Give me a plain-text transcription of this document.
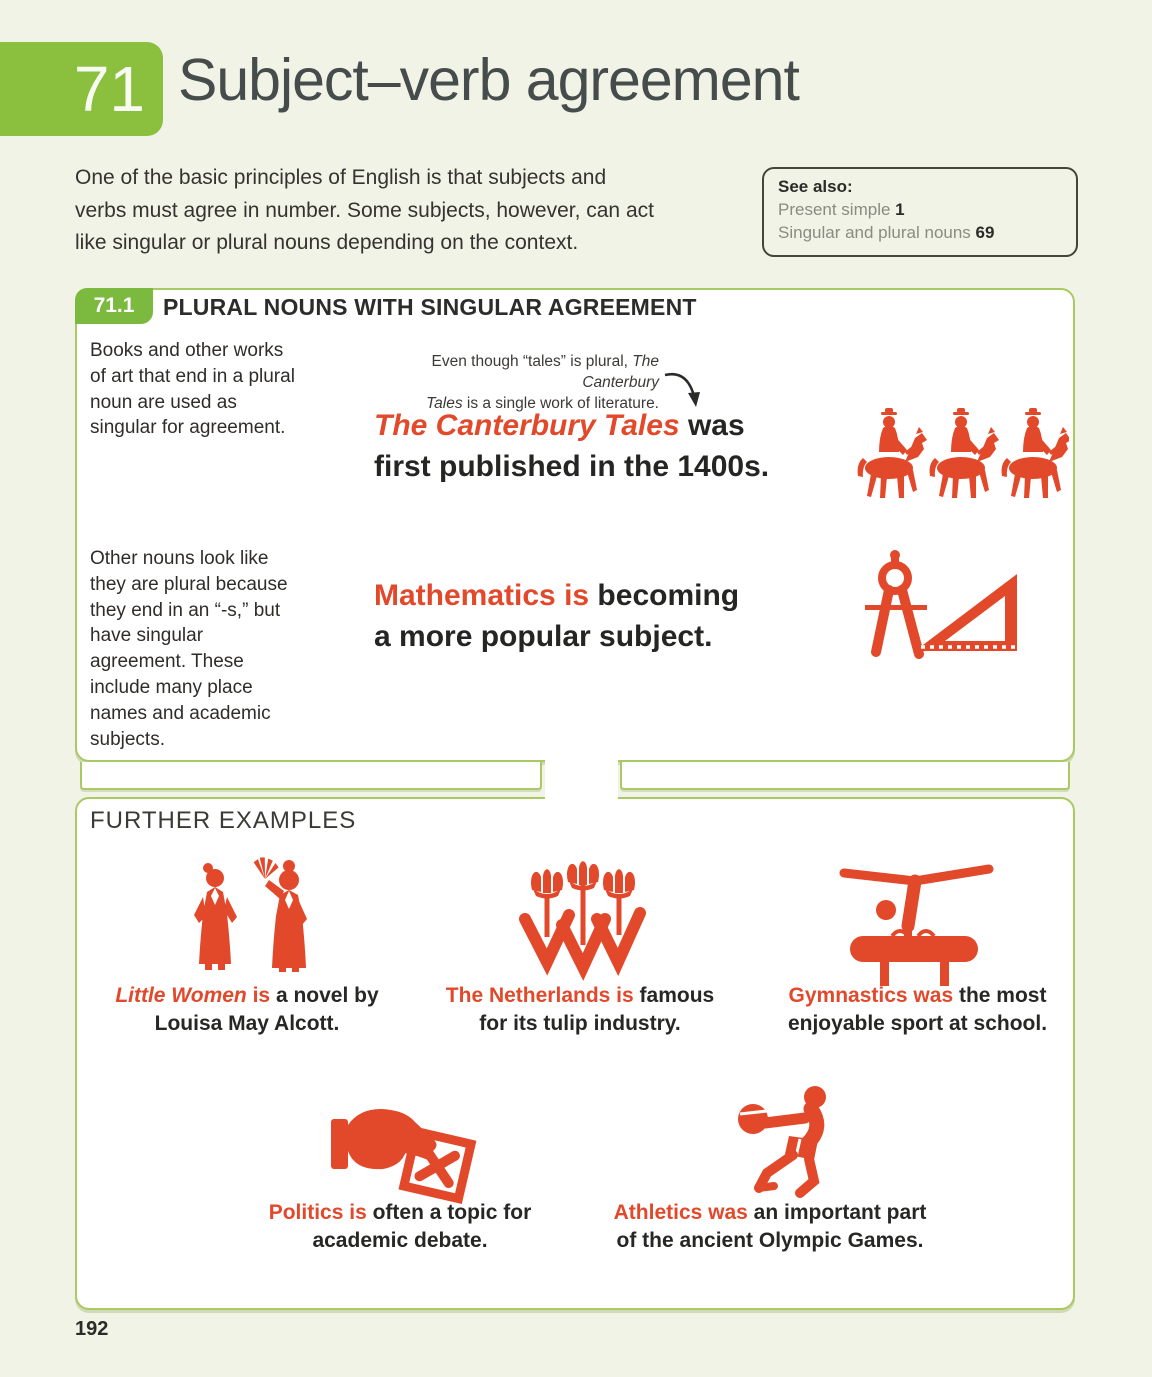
71 Subject–verb agreement

One of the basic principles of English is that subjects and verbs must agree in number. Some subjects, however, can act like singular or plural nouns depending on the context.

See also:
Present simple 1
Singular and plural nouns 69
71.1 PLURAL NOUNS WITH SINGULAR AGREEMENT

Books and other works of art that end in a plural noun are used as singular for agreement.

Other nouns look like they are plural because they end in an “-s,” but have singular agreement. These include many place names and academic subjects.

Even though “tales” is plural, The Canterbury
Tales is a single work of literature.
The Canterbury Tales was
first published in the 1400s.
Mathematics is becoming
a more popular subject.
FURTHER EXAMPLES
Little Women is a novel by
Louisa May Alcott.
The Netherlands is famous
for its tulip industry.
Gymnastics was the most
enjoyable sport at school.
Politics is often a topic for
academic debate.
Athletics was an important part
of the ancient Olympic Games.
192
